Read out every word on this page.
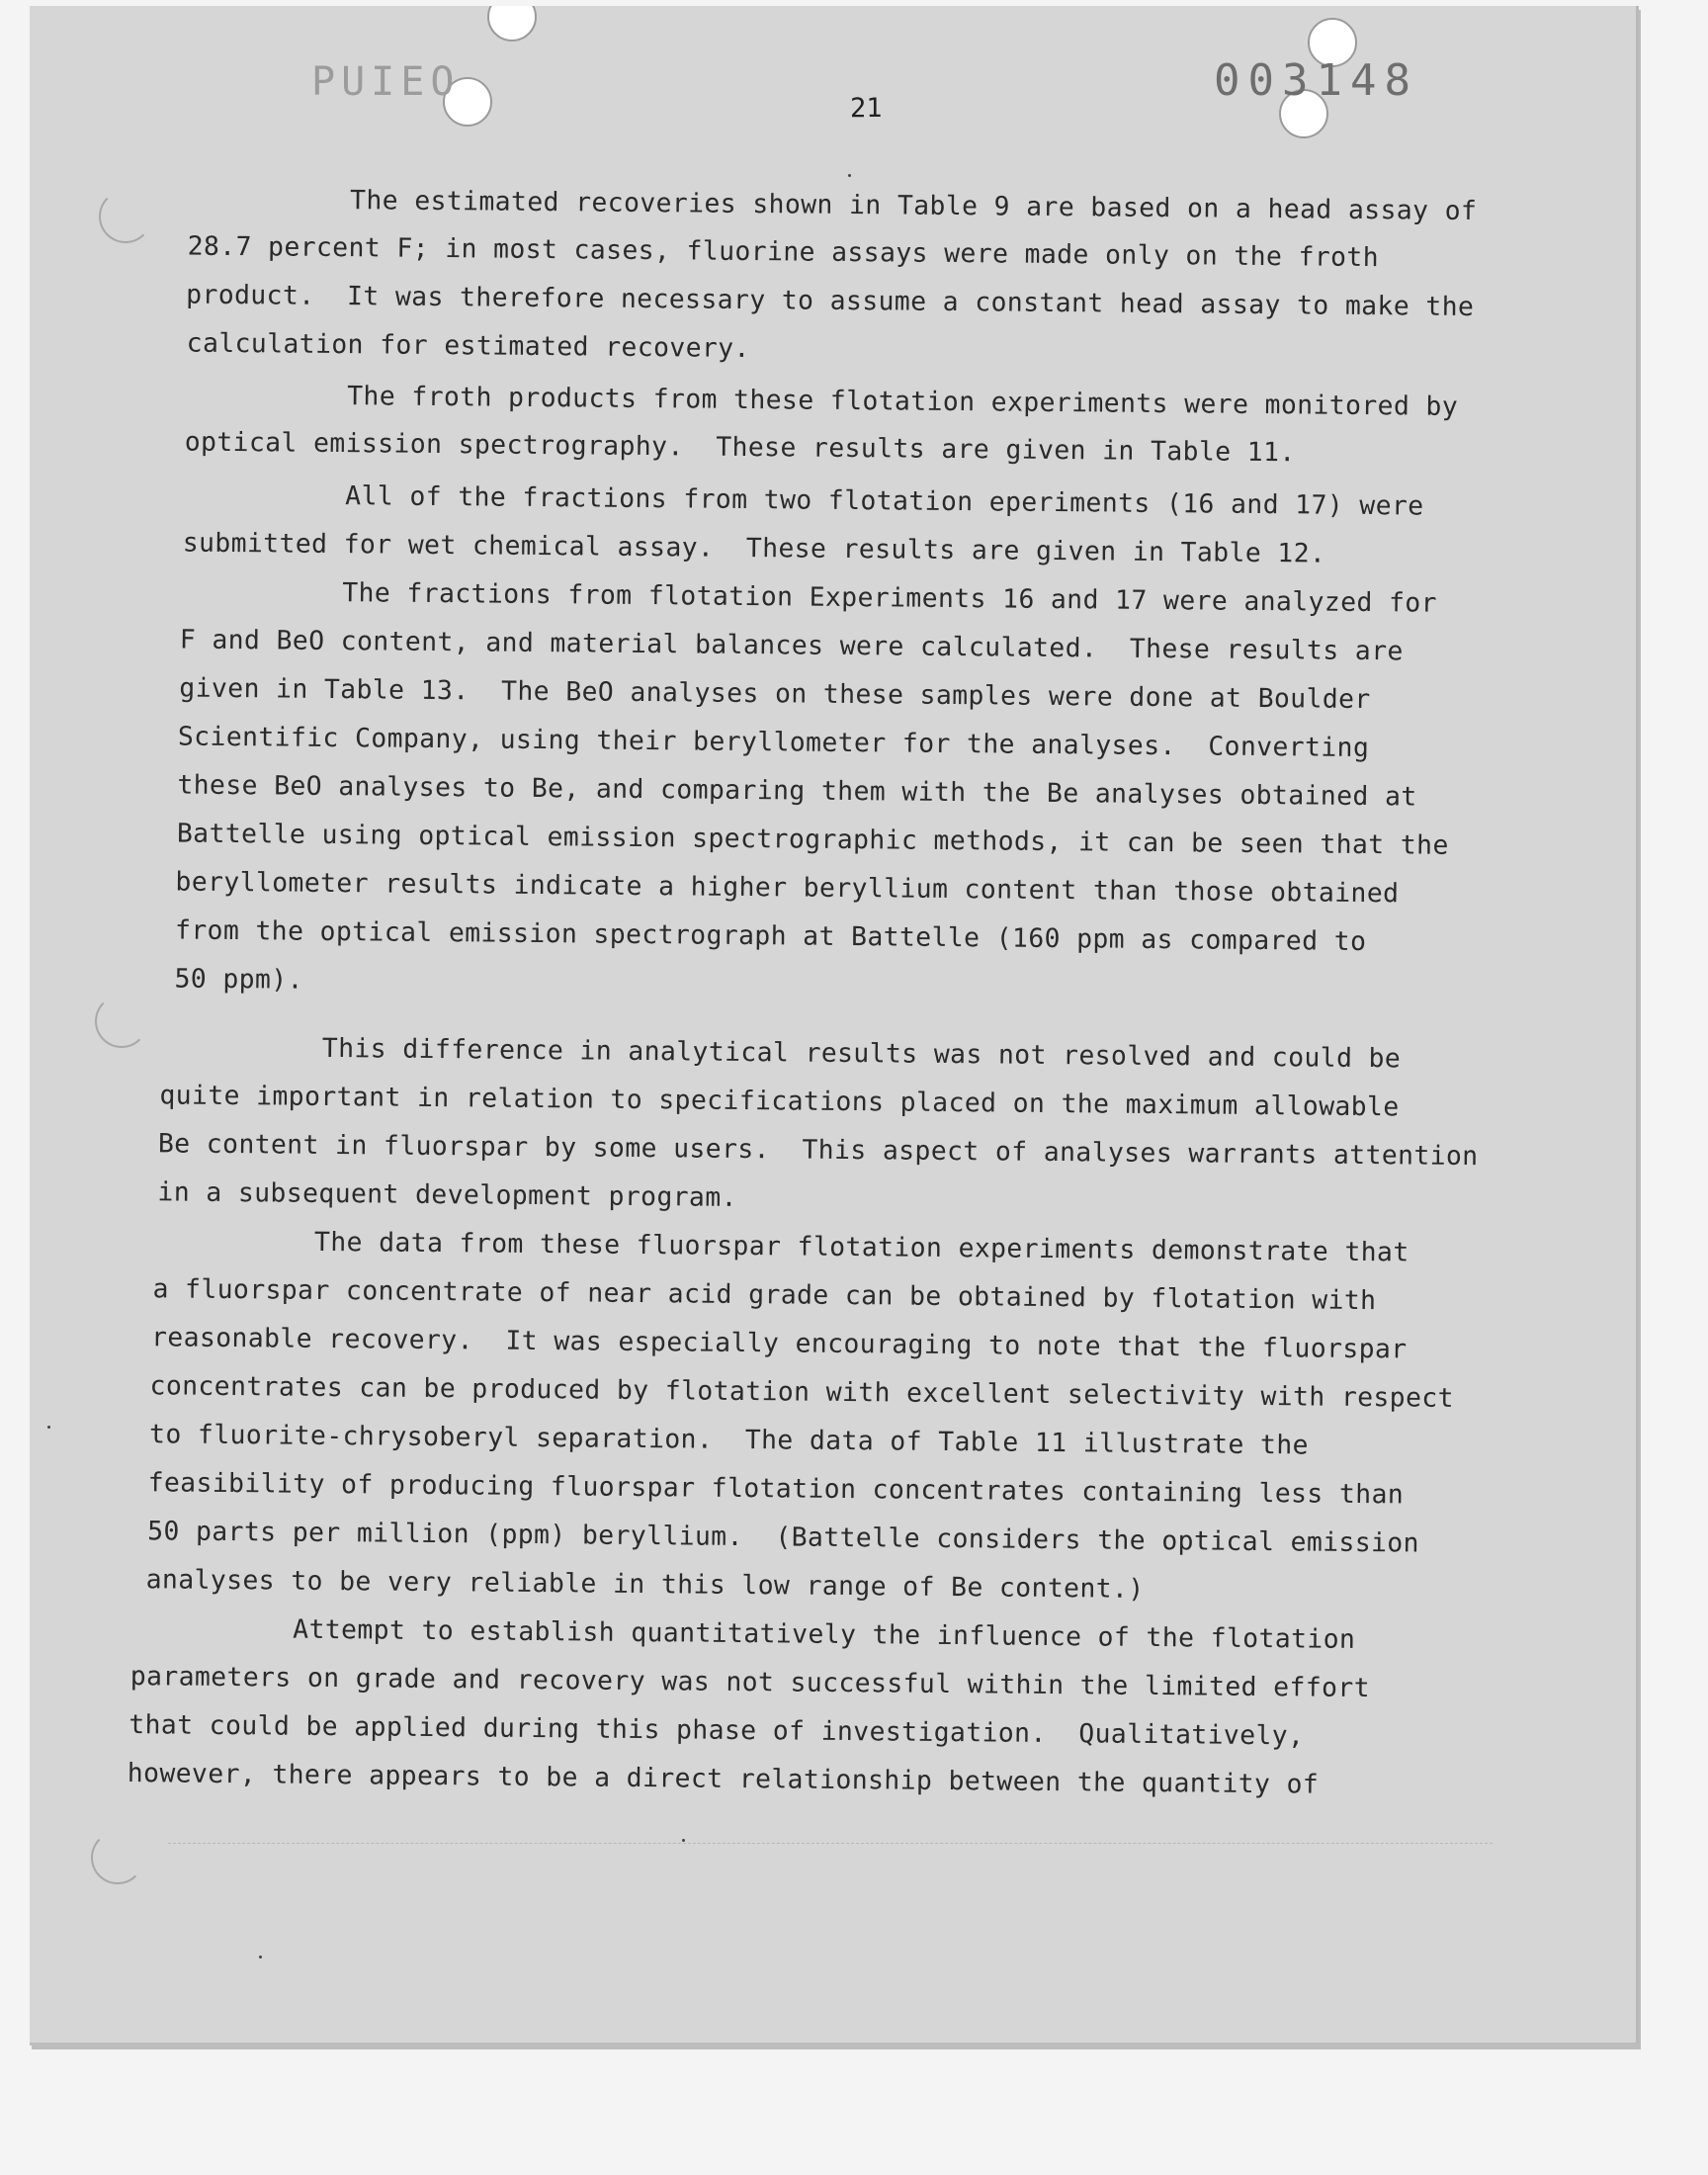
PUIEO	003148
21
The estimated recoveries shown in Table 9 are based on a head assay of
28.7 percent F; in most cases, fluorine assays were made only on the froth
product.  It was therefore necessary to assume a constant head assay to make the
calculation for estimated recovery.
The froth products from these flotation experiments were monitored by
optical emission spectrography.  These results are given in Table 11.
All of the fractions from two flotation eperiments (16 and 17) were
submitted for wet chemical assay.  These results are given in Table 12.
The fractions from flotation Experiments 16 and 17 were analyzed for
F and BeO content, and material balances were calculated.  These results are
given in Table 13.  The BeO analyses on these samples were done at Boulder
Scientific Company, using their beryllometer for the analyses.  Converting
these BeO analyses to Be, and comparing them with the Be analyses obtained at
Battelle using optical emission spectrographic methods, it can be seen that the
beryllometer results indicate a higher beryllium content than those obtained
from the optical emission spectrograph at Battelle (160 ppm as compared to
50 ppm).
This difference in analytical results was not resolved and could be
quite important in relation to specifications placed on the maximum allowable
Be content in fluorspar by some users.  This aspect of analyses warrants attention
in a subsequent development program.
The data from these fluorspar flotation experiments demonstrate that
a fluorspar concentrate of near acid grade can be obtained by flotation with
reasonable recovery.  It was especially encouraging to note that the fluorspar
concentrates can be produced by flotation with excellent selectivity with respect
to fluorite-chrysoberyl separation.  The data of Table 11 illustrate the
feasibility of producing fluorspar flotation concentrates containing less than
50 parts per million (ppm) beryllium.  (Battelle considers the optical emission
analyses to be very reliable in this low range of Be content.)
Attempt to establish quantitatively the influence of the flotation
parameters on grade and recovery was not successful within the limited effort
that could be applied during this phase of investigation.  Qualitatively,
however, there appears to be a direct relationship between the quantity of
